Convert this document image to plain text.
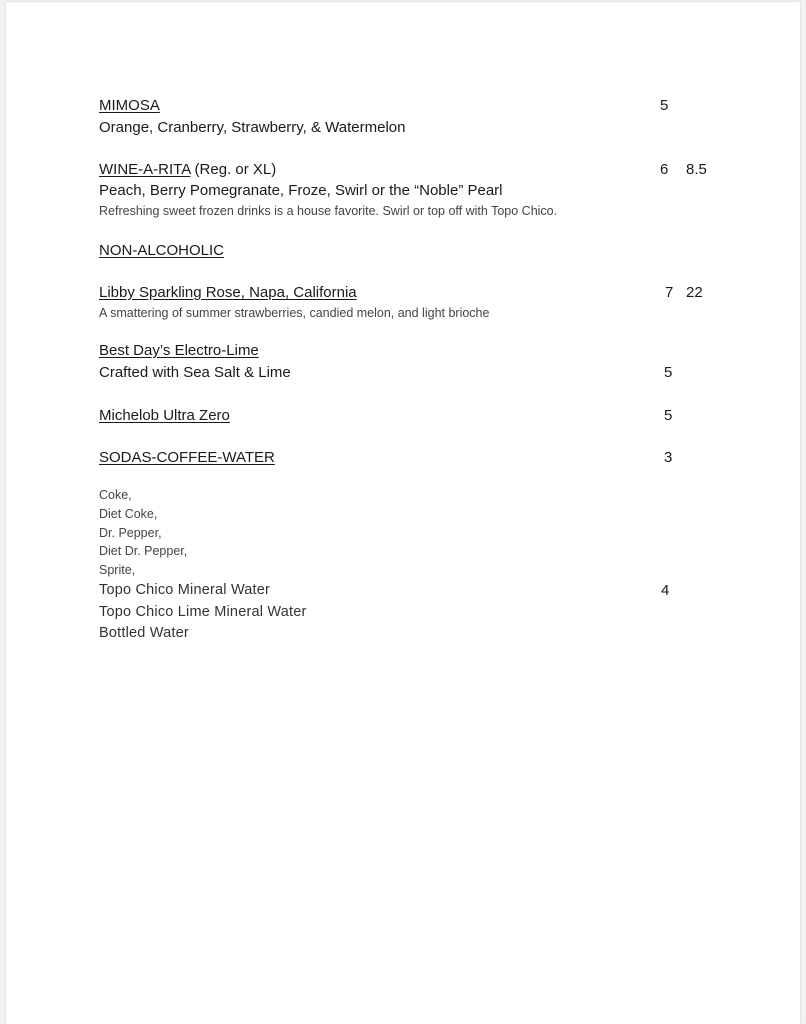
MIMOSA	5
Orange, Cranberry, Strawberry, & Watermelon
WINE-A-RITA (Reg. or XL)	6 8.5
Peach, Berry Pomegranate, Froze, Swirl or the “Noble” Pearl
Refreshing sweet frozen drinks is a house favorite. Swirl or top off with Topo Chico.
NON-ALCOHOLIC
Libby Sparkling Rose, Napa, California	7 22
A smattering of summer strawberries, candied melon, and light brioche
Best Day’s Electro-Lime
Crafted with Sea Salt & Lime	5
Michelob Ultra Zero	5
SODAS-COFFEE-WATER	3
Coke,
Diet Coke,
Dr. Pepper,
Diet Dr. Pepper,
Sprite,
Topo Chico Mineral Water	4
Topo Chico Lime Mineral Water
Bottled Water
